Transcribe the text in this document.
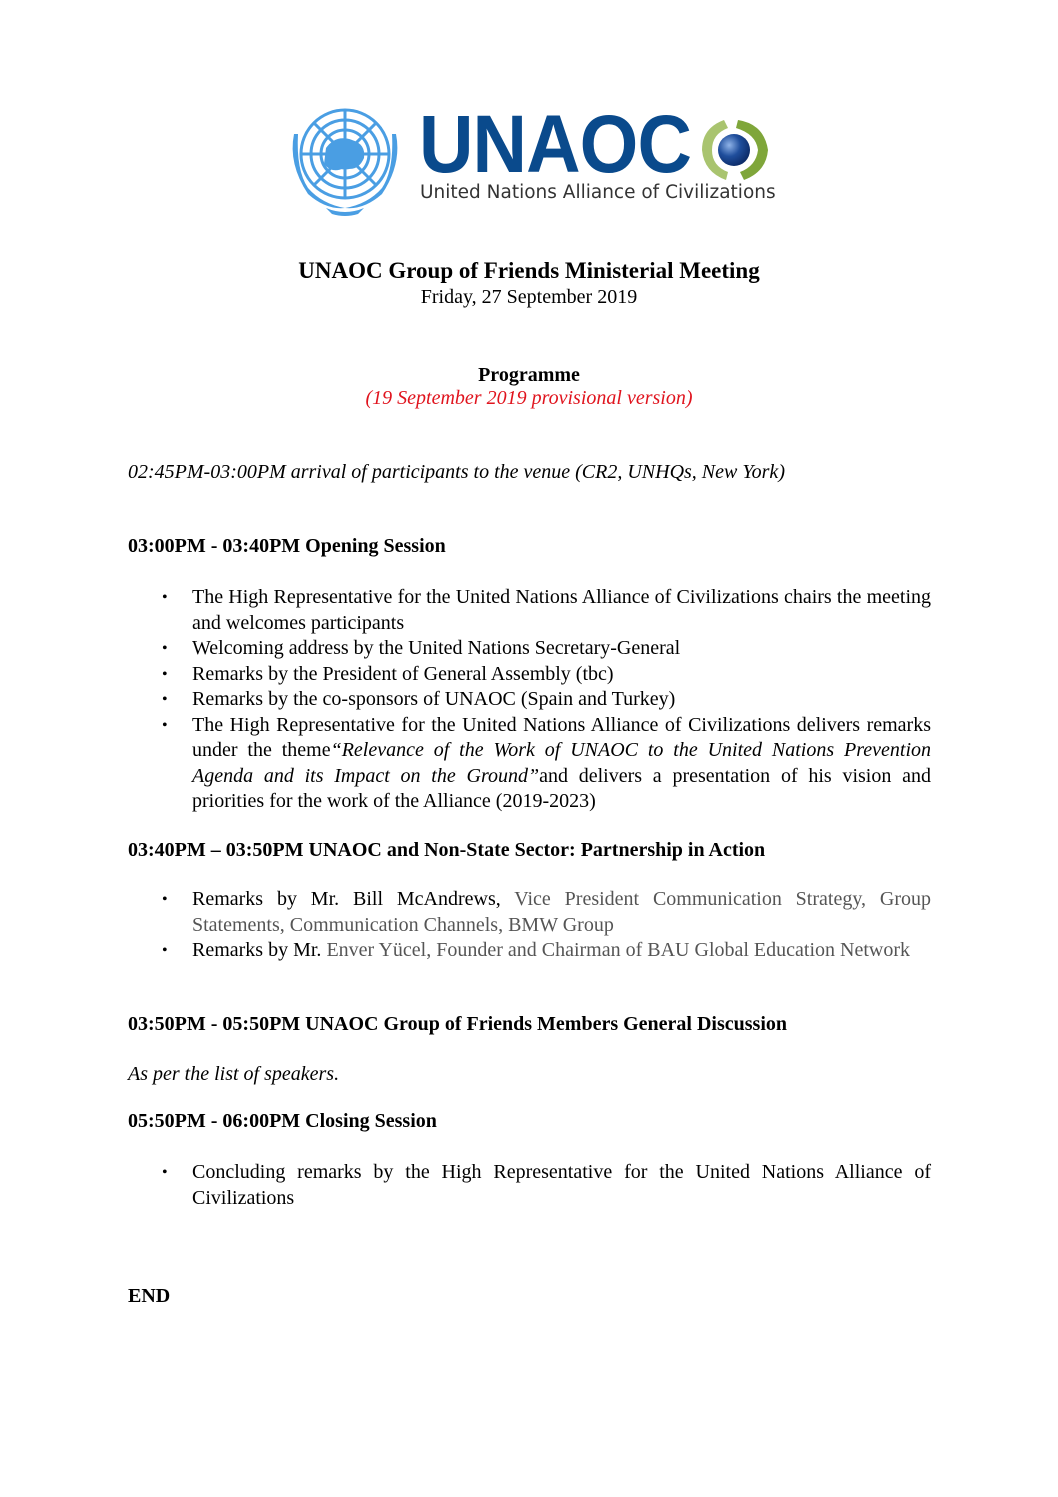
UNAOC
United Nations Alliance of Civilizations
UNAOC Group of Friends Ministerial Meeting
Friday, 27 September 2019
Programme
(19 September 2019 provisional version)
02:45PM-03:00PM arrival of participants to the venue (CR2, UNHQs, New York)
03:00PM - 03:40PM Opening Session
• The High Representative for the United Nations Alliance of Civilizations chairs the meeting and welcomes participants
• Welcoming address by the United Nations Secretary-General
• Remarks by the President of General Assembly (tbc)
• Remarks by the co-sponsors of UNAOC (Spain and Turkey)
• The High Representative for the United Nations Alliance of Civilizations delivers remarks under the theme“Relevance of the Work of UNAOC to the United Nations Prevention Agenda and its Impact on the Ground”and delivers a presentation of his vision and priorities for the work of the Alliance (2019-2023)
03:40PM – 03:50PM UNAOC and Non-State Sector: Partnership in Action
• Remarks by Mr. Bill McAndrews, Vice President Communication Strategy, Group Statements, Communication Channels, BMW Group
• Remarks by Mr. Enver Yücel, Founder and Chairman of BAU Global Education Network
03:50PM - 05:50PM UNAOC Group of Friends Members General Discussion
As per the list of speakers.
05:50PM - 06:00PM Closing Session
• Concluding remarks by the High Representative for the United Nations Alliance of Civilizations
END
